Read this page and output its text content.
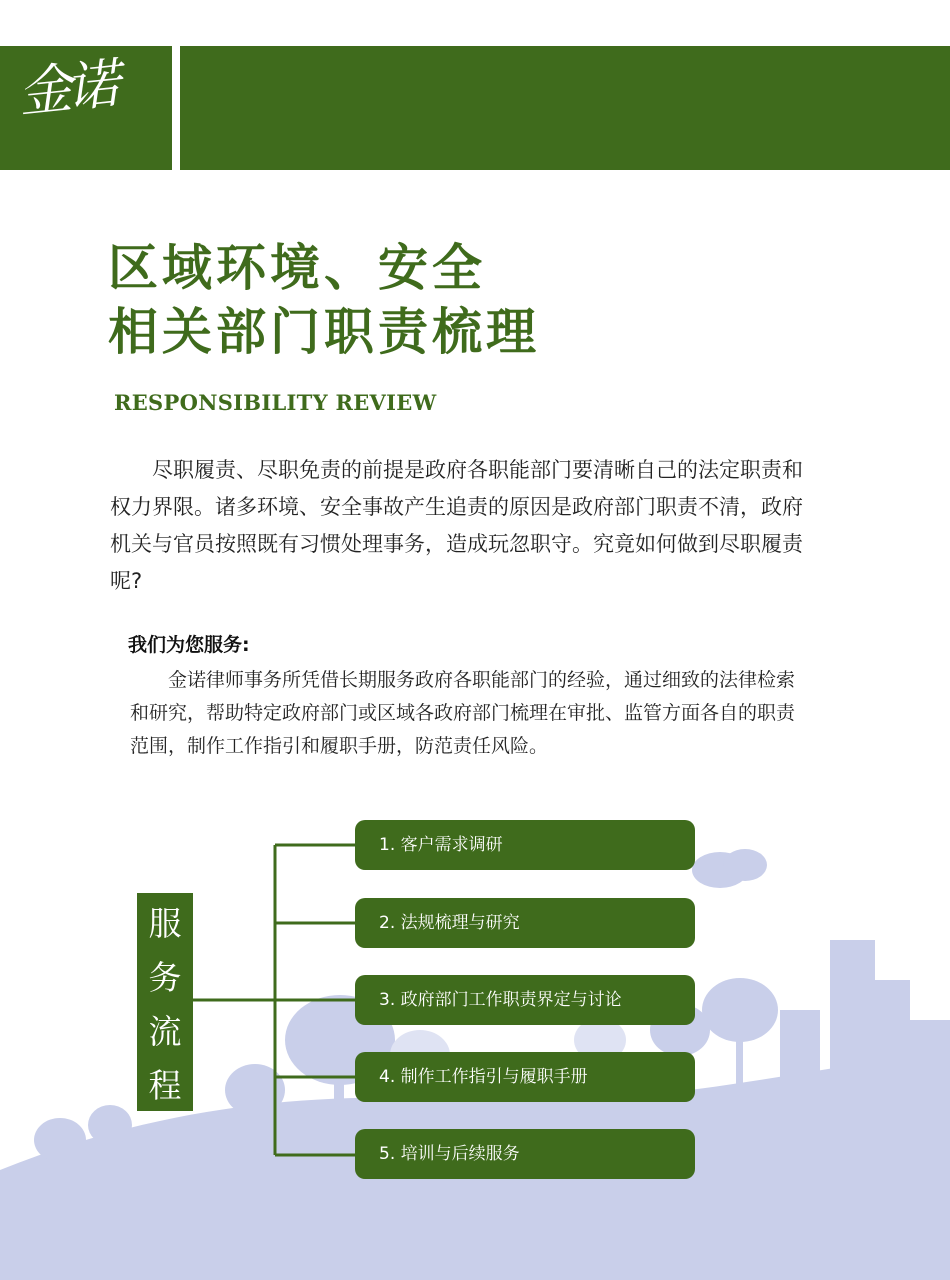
金诺
区域环境、安全
相关部门职责梳理
RESPONSIBILITY REVIEW

尽职履责、尽职免责的前提是政府各职能部门要清晰自己的法定职责和权力界限。诸多环境、安全事故产生追责的原因是政府部门职责不清，政府机关与官员按照既有习惯处理事务，造成玩忽职守。究竟如何做到尽职履责呢?

我们为您服务:

金诺律师事务所凭借长期服务政府各职能部门的经验，通过细致的法律检索和研究，帮助特定政府部门或区域各政府部门梳理在审批、监管方面各自的职责范围，制作工作指引和履职手册，防范责任风险。

服
务
流
程
1. 客户需求调研
2. 法规梳理与研究
3. 政府部门工作职责界定与讨论
4. 制作工作指引与履职手册
5. 培训与后续服务
